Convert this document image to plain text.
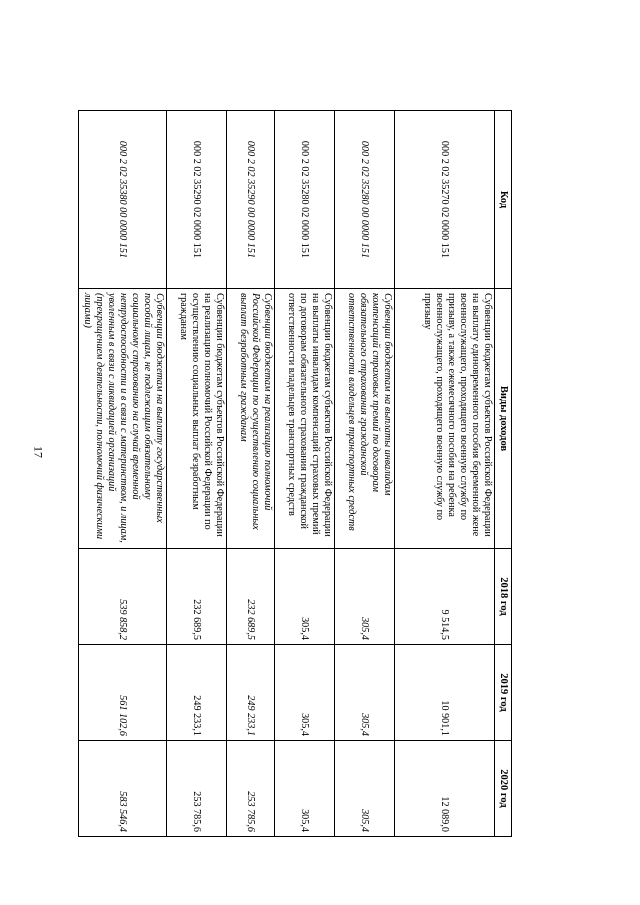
17
Код	Виды доходов	2018 год	2019 год	2020 год
000 2 02 35270 02 0000 151	Субвенции бюджетам субъектов Российской Федерации на выплату единовременного пособия беременной жене военнослужащего, проходящего военную службу по призыву, а также ежемесячного пособия на ребенка военнослужащего, проходящего военную службу по призыву	9 514,5	10 901,1	12 089,0
000 2 02 35280 00 0000 151	Субвенции бюджетам на выплаты инвалидам компенсаций страховых премий по договорам обязательного страхования гражданской ответственности владельцев транспортных средств	305,4	305,4	305,4
000 2 02 35280 02 0000 151	Субвенции бюджетам субъектов Российской Федерации на выплаты инвалидам компенсаций страховых премий по договорам обязательного страхования гражданской ответственности владельцев транспортных средств	305,4	305,4	305,4
000 2 02 35290 00 0000 151	Субвенции бюджетам на реализацию полномочий Российской Федерации по осуществлению социальных выплат безработным гражданам	232 689,5	249 233,1	253 785,6
000 2 02 35290 02 0000 151	Субвенции бюджетам субъектов Российской Федерации на реализацию полномочий Российской Федерации по осуществлению социальных выплат безработным гражданам	232 689,5	249 233,1	253 785,6
000 2 02 35380 00 0000 151	Субвенции бюджетам на выплату государственных пособий лицам, не подлежащим обязательному социальному страхованию на случай временной нетрудоспособности и в связи с материнством, и лицам, уволенным в связи с ликвидацией организаций (прекращением деятельности, полномочий физическими лицами)	539 858,2	561 102,6	583 546,4
